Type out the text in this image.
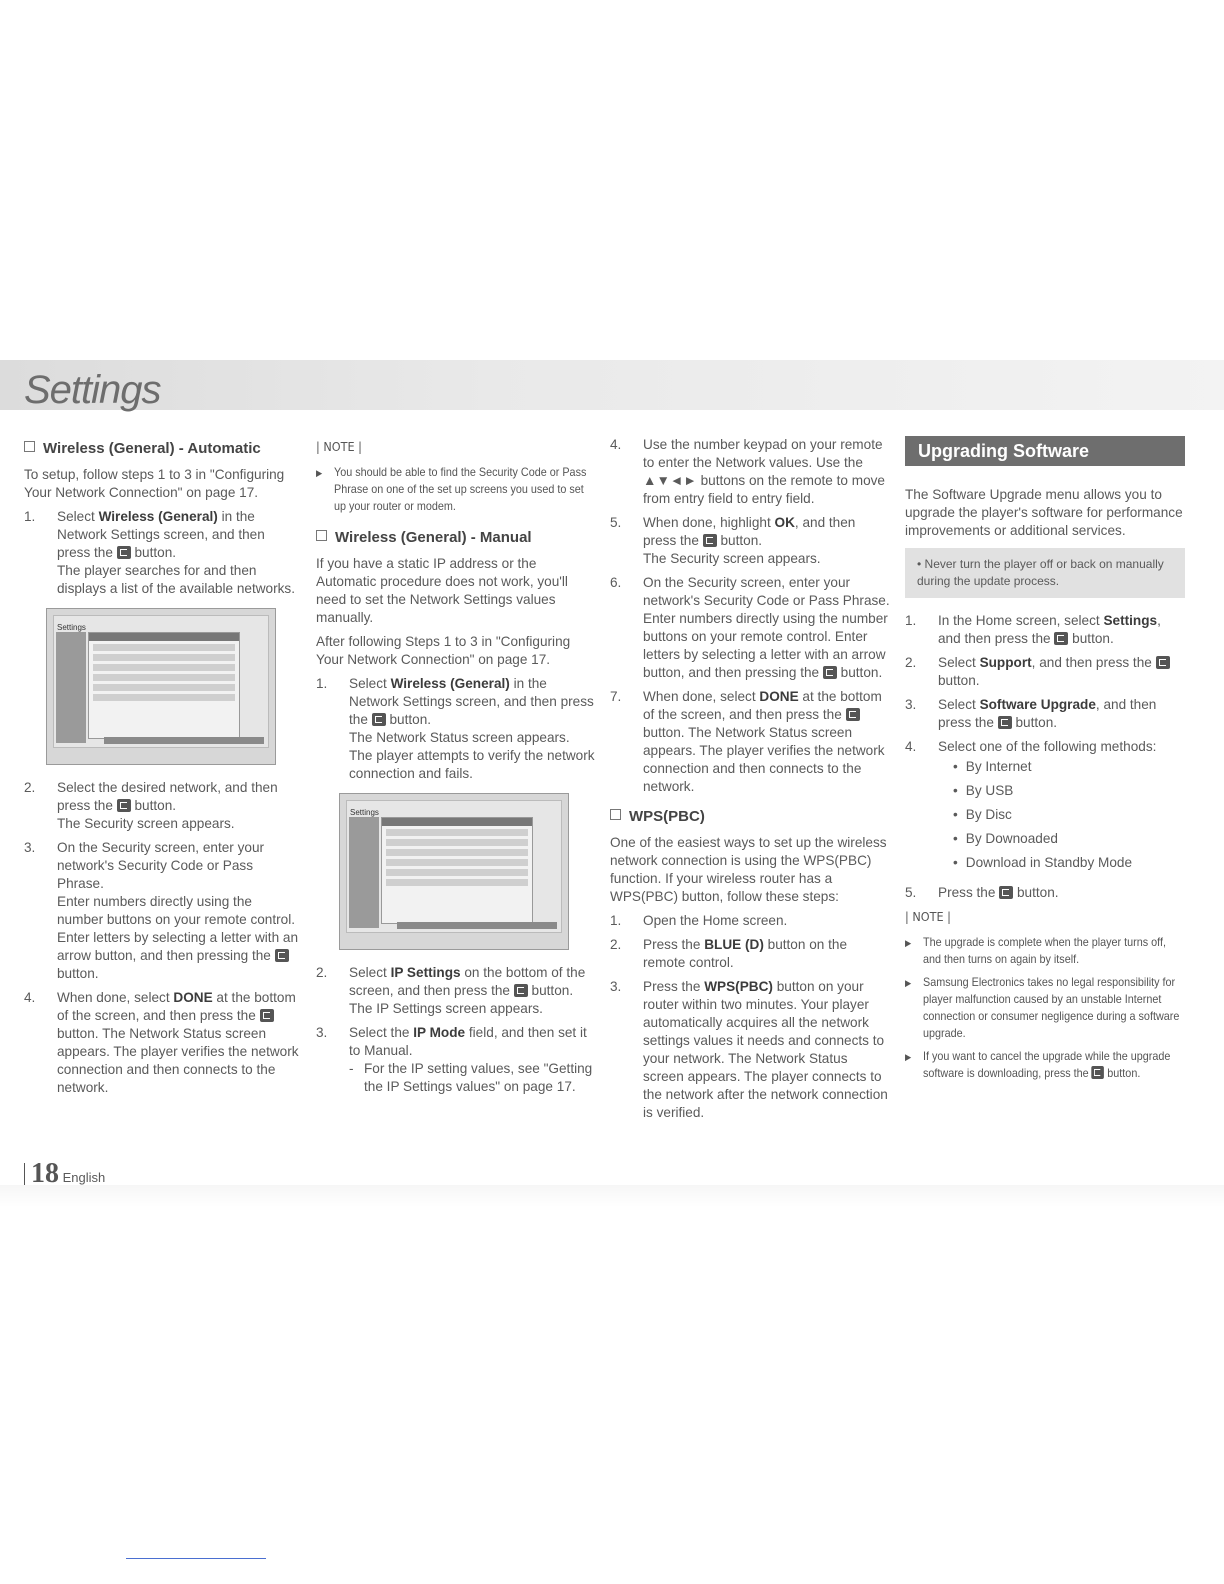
Settings
Wireless (General) - Automatic

To setup, follow steps 1 to 3 in "Configuring Your Network Connection" on page 17.

1.	Select Wireless (General) in the Network Settings screen, and then press the  button.
The player searches for and then displays a list of the available networks.
Settings
2.	Select the desired network, and then press the  button.
The Security screen appears.
3.	On the Security screen, enter your network's Security Code or Pass Phrase.
Enter numbers directly using the number buttons on your remote control. Enter letters by selecting a letter with an arrow button, and then pressing the  button.
4.	When done, select DONE at the bottom of the screen, and then press the  button. The Network Status screen appears. The player verifies the network connection and then connects to the network.
| NOTE |
▶ You should be able to find the Security Code or Pass Phrase on one of the set up screens you used to set up your router or modem.
Wireless (General) - Manual

If you have a static IP address or the Automatic procedure does not work, you'll need to set the Network Settings values manually.

After following Steps 1 to 3 in "Configuring Your Network Connection" on page 17.

1.	Select Wireless (General) in the Network Settings screen, and then press the  button.
The Network Status screen appears. The player attempts to verify the network connection and fails.
Settings
2.	Select IP Settings on the bottom of the screen, and then press the  button.
The IP Settings screen appears.
3.	Select the IP Mode field, and then set it to Manual.
- For the IP setting values, see "Getting the IP Settings values" on page 17.
4.	Use the number keypad on your remote to enter the Network values. Use the ▲▼◄► buttons on the remote to move from entry field to entry field.
5.	When done, highlight OK, and then press the  button.
The Security screen appears.
6.	On the Security screen, enter your network's Security Code or Pass Phrase.
Enter numbers directly using the number buttons on your remote control. Enter letters by selecting a letter with an arrow button, and then pressing the  button.
7.	When done, select DONE at the bottom of the screen, and then press the  button. The Network Status screen appears. The player verifies the network connection and then connects to the network.
WPS(PBC)

One of the easiest ways to set up the wireless network connection is using the WPS(PBC) function. If your wireless router has a WPS(PBC) button, follow these steps:

1.	Open the Home screen.
2.	Press the BLUE (D) button on the remote control.
3.	Press the WPS(PBC) button on your router within two minutes. Your player automatically acquires all the network settings values it needs and connects to your network. The Network Status screen appears. The player connects to the network after the network connection is verified.
Upgrading Software

The Software Upgrade menu allows you to upgrade the player's software for performance improvements or additional services.

• Never turn the player off or back on manually during the update process.
1.	In the Home screen, select Settings, and then press the  button.
2.	Select Support, and then press the  button.
3.	Select Software Upgrade, and then press the  button.
4.	Select one of the following methods:
• By Internet
• By USB
• By Disc
• By Downoaded
• Download in Standby Mode
5.	Press the  button.
| NOTE |
▶ The upgrade is complete when the player turns off, and then turns on again by itself.
▶ Samsung Electronics takes no legal responsibility for player malfunction caused by an unstable Internet connection or consumer negligence during a software upgrade.
▶ If you want to cancel the upgrade while the upgrade software is downloading, press the  button.
18 English
